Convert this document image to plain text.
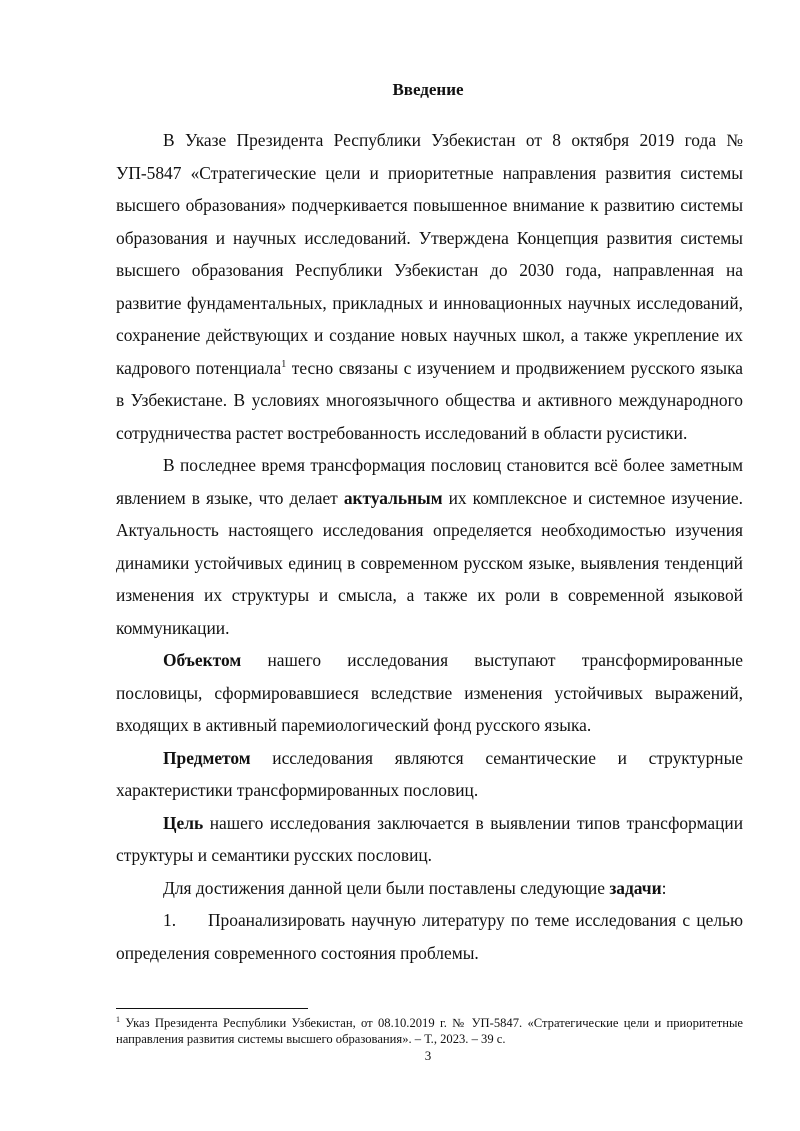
Введение

В Указе Президента Республики Узбекистан от 8 октября 2019 года № УП-5847 «Стратегические цели и приоритетные направления развития системы высшего образования» подчеркивается повышенное внимание к развитию системы образования и научных исследований. Утверждена Концепция развития системы высшего образования Республики Узбекистан до 2030 года, направленная на развитие фундаментальных, прикладных и инновационных научных исследований, сохранение действующих и создание новых научных школ, а также укрепление их кадрового потенциала$^1$ тесно связаны с изучением и продвижением русского языка в Узбекистане. В условиях многоязычного общества и активного международного сотрудничества растет востребованность исследований в области русистики.

В последнее время трансформация пословиц становится всё более заметным явлением в языке, что делает актуальным их комплексное и системное изучение. Актуальность настоящего исследования определяется необходимостью изучения динамики устойчивых единиц в современном русском языке, выявления тенденций изменения их структуры и смысла, а также их роли в современной языковой коммуникации.

Объектом нашего исследования выступают трансформированные пословицы, сформировавшиеся вследствие изменения устойчивых выражений, входящих в активный паремиологический фонд русского языка.

Предметом исследования являются семантические и структурные характеристики трансформированных пословиц.

Цель нашего исследования заключается в выявлении типов трансформации структуры и семантики русских пословиц.

Для достижения данной цели были поставлены следующие задачи:

1. Проанализировать научную литературу по теме исследования с целью определения современного состояния проблемы.

$^1$ Указ Президента Республики Узбекистан, от 08.10.2019 г. № УП-5847. «Стратегические цели и приоритетные направления развития системы высшего образования». – Т., 2023. – 39 с.
3
